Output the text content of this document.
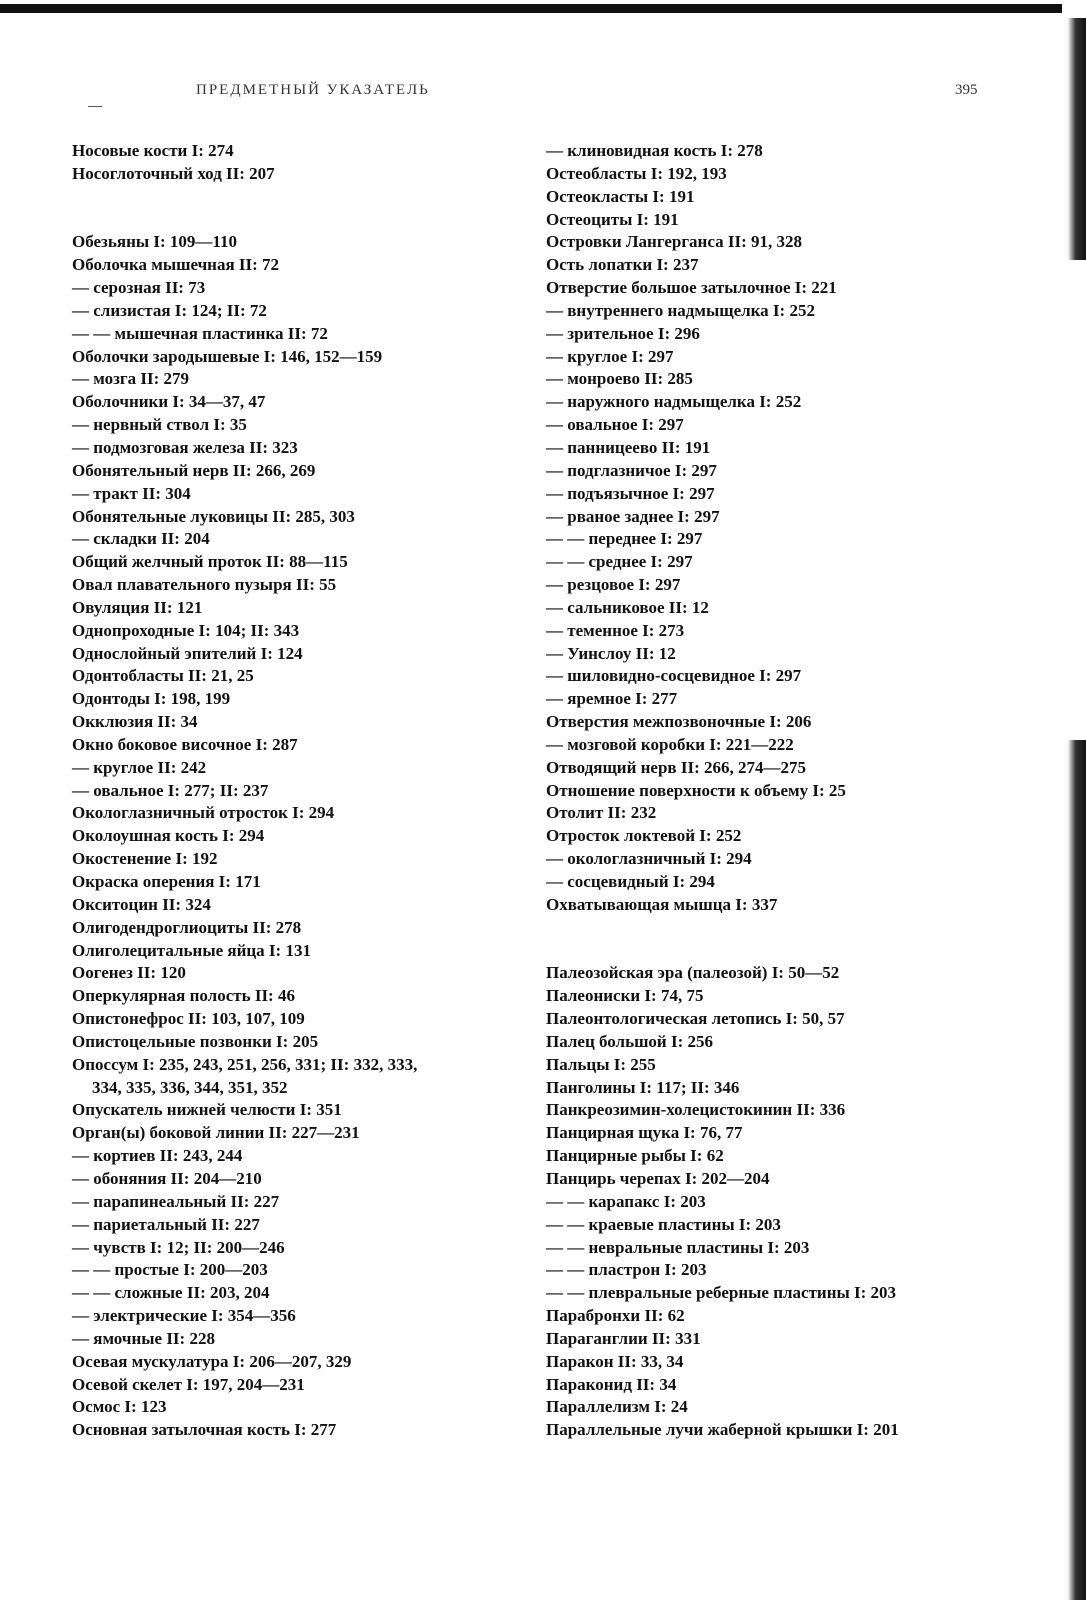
ПРЕДМЕТНЫЙ УКАЗАТЕЛЬ	395
Носовые кости I: 274
Носоглоточный ход II: 207
Обезьяны I: 109—110
Оболочка мышечная II: 72
— серозная II: 73
— слизистая I: 124; II: 72
— — мышечная пластинка II: 72
Оболочки зародышевые I: 146, 152—159
— мозга II: 279
Оболочники I: 34—37, 47
— нервный ствол I: 35
— подмозговая железа II: 323
Обонятельный нерв II: 266, 269
— тракт II: 304
Обонятельные луковицы II: 285, 303
— складки II: 204
Общий желчный проток II: 88—115
Овал плавательного пузыря II: 55
Овуляция II: 121
Однопроходные I: 104; II: 343
Однослойный эпителий I: 124
Одонтобласты II: 21, 25
Одонтоды I: 198, 199
Окклюзия II: 34
Окно боковое височное I: 287
— круглое II: 242
— овальное I: 277; II: 237
Окологлазничный отросток I: 294
Околоушная кость I: 294
Окостенение I: 192
Окраска оперения I: 171
Окситоцин II: 324
Олигодендроглиоциты II: 278
Олиголецитальные яйца I: 131
Оогенез II: 120
Оперкулярная полость II: 46
Опистонефрос II: 103, 107, 109
Опистоцельные позвонки I: 205
Опоссум I: 235, 243, 251, 256, 331; II: 332, 333,
334, 335, 336, 344, 351, 352
Опускатель нижней челюсти I: 351
Орган(ы) боковой линии II: 227—231
— кортиев II: 243, 244
— обоняния II: 204—210
— парапинеальный II: 227
— париетальный II: 227
— чувств I: 12; II: 200—246
— — простые I: 200—203
— — сложные II: 203, 204
— электрические I: 354—356
— ямочные II: 228
Осевая мускулатура I: 206—207, 329
Осевой скелет I: 197, 204—231
Осмос I: 123
Основная затылочная кость I: 277
— клиновидная кость I: 278
Остеобласты I: 192, 193
Остеокласты I: 191
Остеоциты I: 191
Островки Лангерганса II: 91, 328
Ость лопатки I: 237
Отверстие большое затылочное I: 221
— внутреннего надмыщелка I: 252
— зрительное I: 296
— круглое I: 297
— монроево II: 285
— наружного надмыщелка I: 252
— овальное I: 297
— панницеево II: 191
— подглазничое I: 297
— подъязычное I: 297
— рваное заднее I: 297
— — переднее I: 297
— — среднее I: 297
— резцовое I: 297
— сальниковое II: 12
— теменное I: 273
— Уинслоу II: 12
— шиловидно-сосцевидное I: 297
— яремное I: 277
Отверстия межпозвоночные I: 206
— мозговой коробки I: 221—222
Отводящий нерв II: 266, 274—275
Отношение поверхности к объему I: 25
Отолит II: 232
Отросток локтевой I: 252
— окологлазничный I: 294
— сосцевидный I: 294
Охватывающая мышца I: 337
Палеозойская эра (палеозой) I: 50—52
Палеониски I: 74, 75
Палеонтологическая летопись I: 50, 57
Палец большой I: 256
Пальцы I: 255
Панголины I: 117; II: 346
Панкреозимин-холецистокинин II: 336
Панцирная щука I: 76, 77
Панцирные рыбы I: 62
Панцирь черепах I: 202—204
— — карапакс I: 203
— — краевые пластины I: 203
— — невральные пластины I: 203
— — пластрон I: 203
— — плевральные реберные пластины I: 203
Парабронхи II: 62
Параганглии II: 331
Паракон II: 33, 34
Параконид II: 34
Параллелизм I: 24
Параллельные лучи жаберной крышки I: 201
